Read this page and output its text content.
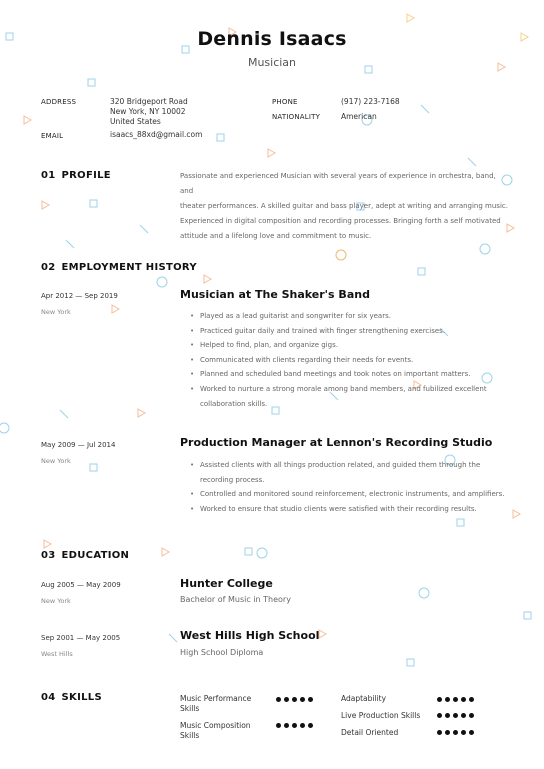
Dennis Isaacs
Musician
ADDRESS	320 Bridgeport Road
New York, NY 10002
United States
EMAIL	isaacs_88xd@gmail.com
PHONE	(917) 223-7168
NATIONALITY	American
01 PROFILE	Passionate and experienced Musician with several years of experience in orchestra, band, and
theater performances. A skilled guitar and bass player, adept at writing and arranging music.
Experienced in digital composition and recording processes. Bringing forth a self motivated
attitude and a lifelong love and commitment to music.
02 EMPLOYMENT HISTORY
Apr 2012 — Sep 2019
New York
Musician at The Shaker's Band
• Played as a lead guitarist and songwriter for six years.
• Practiced guitar daily and trained with finger strengthening exercises.
• Helped to find, plan, and organize gigs.
• Communicated with clients regarding their needs for events.
• Planned and scheduled band meetings and took notes on important matters.
• Worked to nurture a strong morale among band members, and fubilized excellent collaboration skills.
May 2009 — Jul 2014
New York
Production Manager at Lennon's Recording Studio
• Assisted clients with all things production related, and guided them through the recording process.
• Controlled and monitored sound reinforcement, electronic instruments, and amplifiers.
• Worked to ensure that studio clients were satisfied with their recording results.
03 EDUCATION
Aug 2005 — May 2009
New York
Hunter College
Bachelor of Music in Theory
Sep 2001 — May 2005
West Hills
West Hills High School
High School Diploma
04 SKILLS	Music Performance Skills
Music Composition Skills
Adaptability
Live Production Skills
Detail Oriented
